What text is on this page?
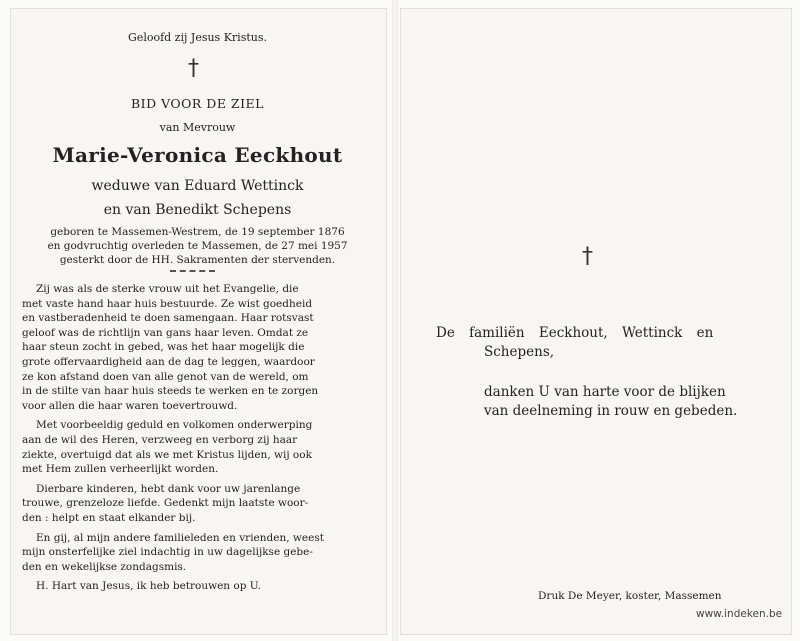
Geloofd zij Jesus Kristus.
†
BID VOOR DE ZIEL
van Mevrouw
Marie-Veronica Eeckhout
weduwe van Eduard Wettinck
en van Benedikt Schepens
geboren te Massemen-Westrem, de 19 september 1876
en godvruchtig overleden te Massemen, de 27 mei 1957
gesterkt door de HH. Sakramenten der stervenden.
Zij was als de sterke vrouw uit het Evangelie, die
met vaste hand haar huis bestuurde. Ze wist goedheid
en vastberadenheid te doen samengaan. Haar rotsvast
geloof was de richtlijn van gans haar leven. Omdat ze
haar steun zocht in gebed, was het haar mogelijk die
grote offervaardigheid aan de dag te leggen, waardoor
ze kon afstand doen van alle genot van de wereld, om
in de stilte van haar huis steeds te werken en te zorgen
voor allen die haar waren toevertrouwd.
Met voorbeeldig geduld en volkomen onderwerping
aan de wil des Heren, verzweeg en verborg zij haar
ziekte, overtuigd dat als we met Kristus lijden, wij ook
met Hem zullen verheerlijkt worden.
Dierbare kinderen, hebt dank voor uw jarenlange
trouwe, grenzeloze liefde. Gedenkt mijn laatste woor-
den : helpt en staat elkander bij.
En gij, al mijn andere familieleden en vrienden, weest
mijn onsterfelijke ziel indachtig in uw dagelijkse gebe-
den en wekelijkse zondagsmis.
H. Hart van Jesus, ik heb betrouwen op U.
†
De familiën Eeckhout, Wettinck en
Schepens,
danken U van harte voor de blijken
van deelneming in rouw en gebeden.
Druk De Meyer, koster, Massemen
www.indeken.be
